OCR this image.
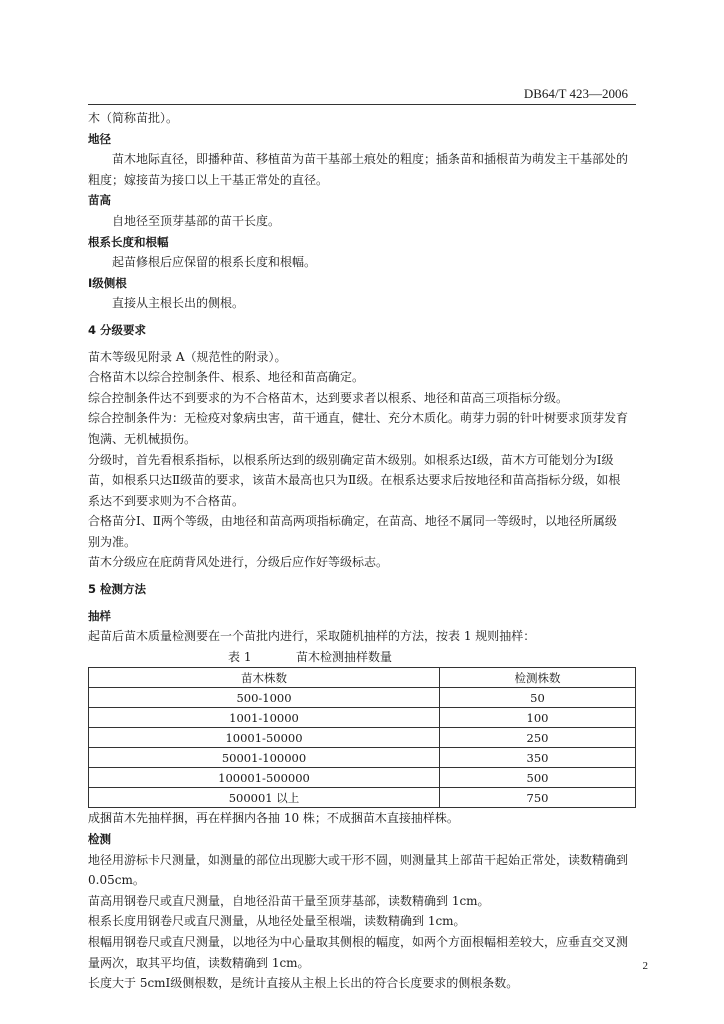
DB64/T 423—2006

木（简称苗批）。

地径

苗木地际直径，即播种苗、移植苗为苗干基部土痕处的粗度；插条苗和插根苗为萌发主干基部处的

粗度；嫁接苗为接口以上干基正常处的直径。

苗高

自地径至顶芽基部的苗干长度。

根系长度和根幅

起苗修根后应保留的根系长度和根幅。

Ⅰ级侧根

直接从主根长出的侧根。

4 分级要求

苗木等级见附录 A（规范性的附录）。

合格苗木以综合控制条件、根系、地径和苗高确定。

综合控制条件达不到要求的为不合格苗木，达到要求者以根系、地径和苗高三项指标分级。

综合控制条件为：无检疫对象病虫害，苗干通直，健壮、充分木质化。萌芽力弱的针叶树要求顶芽发育

饱满、无机械损伤。

分级时，首先看根系指标，以根系所达到的级别确定苗木级别。如根系达Ⅰ级，苗木方可能划分为Ⅰ级

苗，如根系只达Ⅱ级苗的要求，该苗木最高也只为Ⅱ级。在根系达要求后按地径和苗高指标分级，如根

系达不到要求则为不合格苗。

合格苗分Ⅰ、Ⅱ两个等级，由地径和苗高两项指标确定，在苗高、地径不属同一等级时，以地径所属级

别为准。

苗木分级应在庇荫背风处进行，分级后应作好等级标志。

5 检测方法

抽样

起苗后苗木质量检测要在一个苗批内进行，采取随机抽样的方法，按表 1 规则抽样：

表 1	苗木检测抽样数量

苗木株数	检测株数
500-1000	50
1001-10000	100
10001-50000	250
50001-100000	350
100001-500000	500
500001 以上	750

成捆苗木先抽样捆，再在样捆内各抽 10 株；不成捆苗木直接抽样株。

检测

地径用游标卡尺测量，如测量的部位出现膨大或干形不圆，则测量其上部苗干起始正常处，读数精确到

0.05cm。

苗高用钢卷尺或直尺测量，自地径沿苗干量至顶芽基部，读数精确到 1cm。

根系长度用钢卷尺或直尺测量，从地径处量至根端，读数精确到 1cm。

根幅用钢卷尺或直尺测量，以地径为中心量取其侧根的幅度，如两个方面根幅相差较大，应垂直交叉测

量两次，取其平均值，读数精确到 1cm。

长度大于 5cmⅠ级侧根数，是统计直接从主根上长出的符合长度要求的侧根条数。

2
